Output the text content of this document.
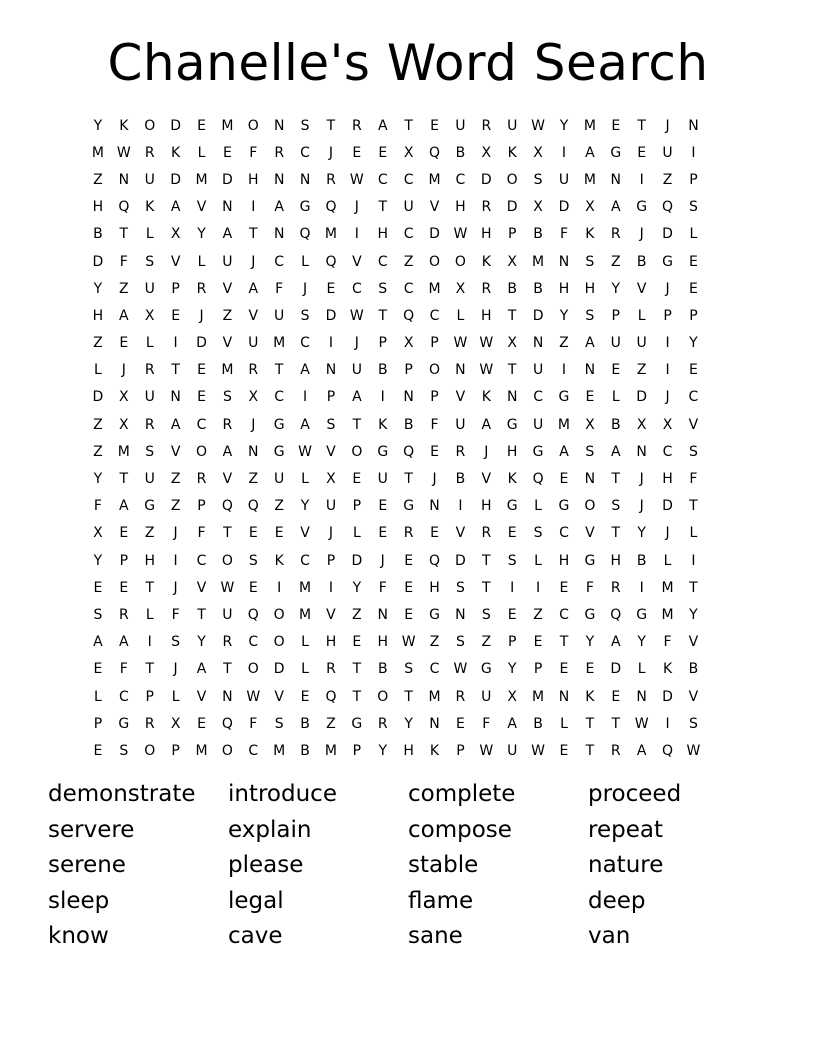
Chanelle's Word Search
Y	K	O	D	E	M	O	N	S	T	R	A	T	E	U	R	U W	Y	M	E	T	J	N
M W	R	K	L	E	F	R	C	J	E	E	X	Q	B	X	K	X	I	A	G	E	U	I
Z	N	U	D	M	D	H	N	N	R	W	C	C	M	C	D	O	S	U	M	N	I	Z	P
H	Q	K	A	V	N	I	A	G	Q	J	T	U	V	H	R	D	X	D	X	A	G	Q	S
B	T	L	X	Y	A	T	N	Q	M	I	H	C	D W H	P	B	F	K	R	J	D	L
D	F	S	V	L	U	J	C	L	Q	V	C	Z	O	O	K	X	M	N	S	Z	B	G	E
Y	Z	U	P	R	V	A	F	J	E	C	S	C	M	X	R	B	B	H	H	Y	V	J	E
H	A	X	E	J	Z	V	U	S	D W	T	Q	C	L	H	T	D	Y	S	P	L	P	P
Z	E	L	I	D	V	U	M	C	I	J	P	X	P	W W	X	N	Z	A	U	U	I	Y
L	J	R	T	E	M	R	T	A	N	U	B	P	O	N W	T	U	I	N	E	Z	I	E
D	X	U	N	E	S	X	C	I	P	A	I	N	P	V	K	N	C	G	E	L	D	J	C
Z	X	R	A	C	R	J	G	A	S	T	K	B	F	U	A	G	U	M	X	B	X	X	V
Z	M	S	V	O	A	N	G W	V	O	G	Q	E	R	J	H	G	A	S	A	N	C	S
Y	T	U	Z	R	V	Z	U	L	X	E	U	T	J	B	V	K	Q	E	N	T	J	H	F
F	A	G	Z	P	Q	Q	Z	Y	U	P	E	G	N	I	H	G	L	G	O	S	J	D	T
X	E	Z	J	F	T	E	E	V	J	L	E	R	E	V	R	E	S	C	V	T	Y	J	L
Y	P	H	I	C	O	S	K	C	P	D	J	E	Q	D	T	S	L	H	G	H	B	L	I
E	E	T	J	V	W	E	I	M	I	Y	F	E	H	S	T	I	I	E	F	R	I	M	T
S	R	L	F	T	U	Q	O	M	V	Z	N	E	G	N	S	E	Z	C	G	Q	G	M	Y
A	A	I	S	Y	R	C	O	L	H	E	H W	Z	S	Z	P	E	T	Y	A	Y	F	V
E	F	T	J	A	T	O	D	L	R	T	B	S	C	W G	Y	P	E	E	D	L	K	B
L	C	P	L	V	N W	V	E	Q	T	O	T	M	R	U	X	M	N	K	E	N	D	V
P	G	R	X	E	Q	F	S	B	Z	G	R	Y	N	E	F	A	B	L	T	T	W	I	S
E	S	O	P	M	O	C	M	B	M	P	Y	H	K	P	W U W	E	T	R	A	Q W
demonstrate	introduce	complete	proceed
servere	explain	compose	repeat
serene	please	stable	nature
sleep	legal	flame	deep
know	cave	sane	van
